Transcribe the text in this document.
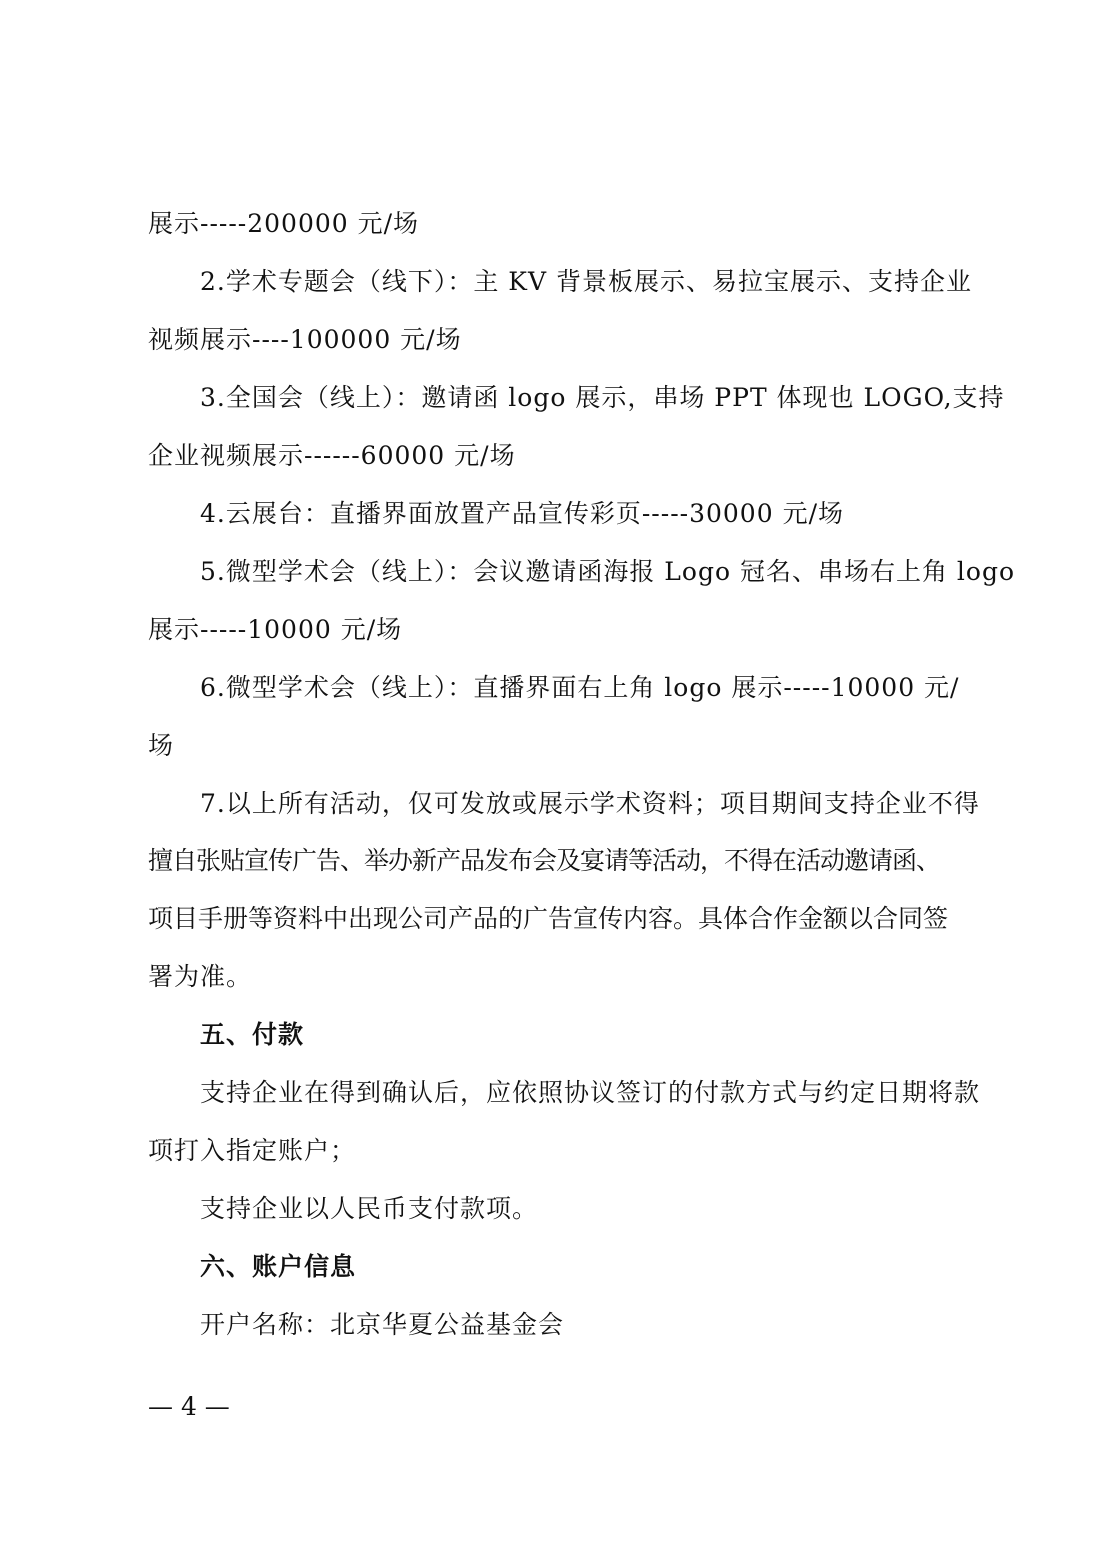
展示-----200000 元/场
2.学术专题会（线下）：主 KV 背景板展示、易拉宝展示、支持企业
视频展示----100000 元/场
3.全国会（线上）：邀请函 logo 展示，串场 PPT 体现也 LOGO,支持
企业视频展示------60000 元/场
4.云展台：直播界面放置产品宣传彩页-----30000 元/场
5.微型学术会（线上）：会议邀请函海报 Logo 冠名、串场右上角 logo
展示-----10000 元/场
6.微型学术会（线上）：直播界面右上角 logo 展示-----10000 元/
场
7.以上所有活动，仅可发放或展示学术资料；项目期间支持企业不得
擅自张贴宣传广告、举办新产品发布会及宴请等活动，不得在活动邀请函、
项目手册等资料中出现公司产品的广告宣传内容。具体合作金额以合同签
署为准。
五、付款
支持企业在得到确认后，应依照协议签订的付款方式与约定日期将款
项打入指定账户；
支持企业以人民币支付款项。
六、账户信息
开户名称：北京华夏公益基金会
— 4 —
